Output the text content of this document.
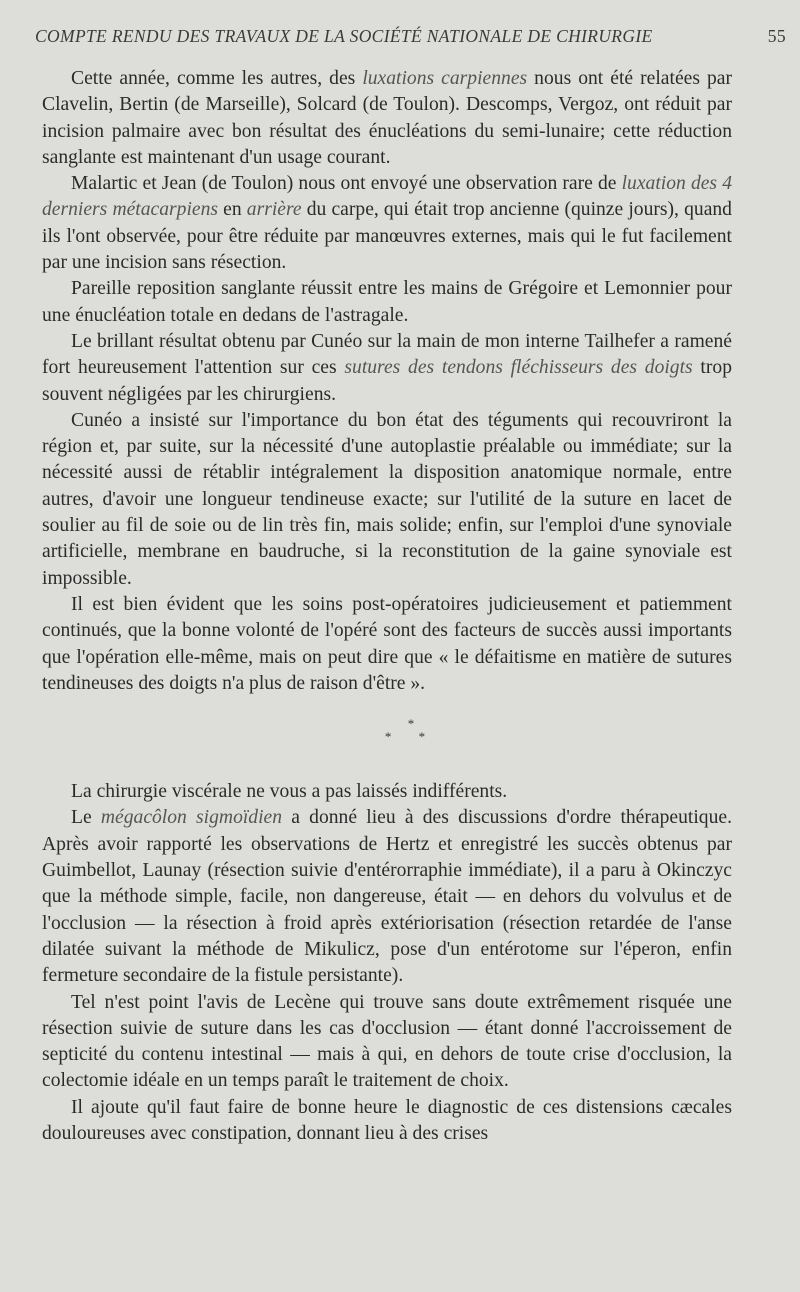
COMPTE RENDU DES TRAVAUX DE LA SOCIÉTÉ NATIONALE DE CHIRURGIE	55

Cette année, comme les autres, des luxations carpiennes nous ont été relatées par Clavelin, Bertin (de Marseille), Solcard (de Toulon). Descomps, Vergoz, ont réduit par incision palmaire avec bon résultat des énucléations du semi-lunaire; cette réduction sanglante est maintenant d'un usage courant.

Malartic et Jean (de Toulon) nous ont envoyé une observation rare de luxation des 4 derniers métacarpiens en arrière du carpe, qui était trop ancienne (quinze jours), quand ils l'ont observée, pour être réduite par manœuvres externes, mais qui le fut facilement par une incision sans résection.

Pareille reposition sanglante réussit entre les mains de Grégoire et Lemonnier pour une énucléation totale en dedans de l'astragale.

Le brillant résultat obtenu par Cunéo sur la main de mon interne Tailhefer a ramené fort heureusement l'attention sur ces sutures des tendons fléchisseurs des doigts trop souvent négligées par les chirurgiens.

Cunéo a insisté sur l'importance du bon état des téguments qui recouvriront la région et, par suite, sur la nécessité d'une autoplastie préalable ou immédiate; sur la nécessité aussi de rétablir intégralement la disposition anatomique normale, entre autres, d'avoir une longueur tendineuse exacte; sur l'utilité de la suture en lacet de soulier au fil de soie ou de lin très fin, mais solide; enfin, sur l'emploi d'une synoviale artificielle, membrane en baudruche, si la reconstitution de la gaine synoviale est impossible.

Il est bien évident que les soins post-opératoires judicieusement et patiemment continués, que la bonne volonté de l'opéré sont des facteurs de succès aussi importants que l'opération elle-même, mais on peut dire que « le défaitisme en matière de sutures tendineuses des doigts n'a plus de raison d'être ».

*
* *

La chirurgie viscérale ne vous a pas laissés indifférents.

Le mégacôlon sigmoïdien a donné lieu à des discussions d'ordre thérapeutique. Après avoir rapporté les observations de Hertz et enregistré les succès obtenus par Guimbellot, Launay (résection suivie d'entérorraphie immédiate), il a paru à Okinczyc que la méthode simple, facile, non dangereuse, était — en dehors du volvulus et de l'occlusion — la résection à froid après extériorisation (résection retardée de l'anse dilatée suivant la méthode de Mikulicz, pose d'un entérotome sur l'éperon, enfin fermeture secondaire de la fistule persistante).

Tel n'est point l'avis de Lecène qui trouve sans doute extrêmement risquée une résection suivie de suture dans les cas d'occlusion — étant donné l'accroissement de septicité du contenu intestinal — mais à qui, en dehors de toute crise d'occlusion, la colectomie idéale en un temps paraît le traitement de choix.

Il ajoute qu'il faut faire de bonne heure le diagnostic de ces distensions cæcales douloureuses avec constipation, donnant lieu à des crises
